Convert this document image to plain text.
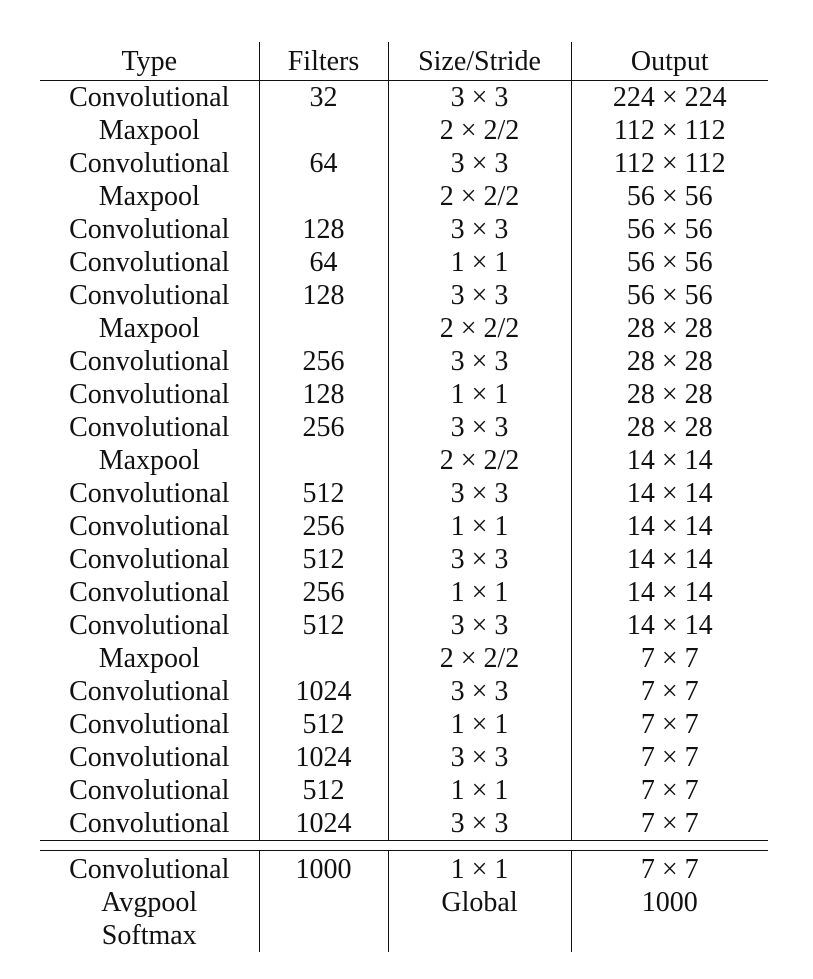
Type	Filters	Size/Stride	Output
Convolutional	32	3 × 3	224 × 224
Maxpool		2 × 2/2	112 × 112
Convolutional	64	3 × 3	112 × 112
Maxpool		2 × 2/2	56 × 56
Convolutional	128	3 × 3	56 × 56
Convolutional	64	1 × 1	56 × 56
Convolutional	128	3 × 3	56 × 56
Maxpool		2 × 2/2	28 × 28
Convolutional	256	3 × 3	28 × 28
Convolutional	128	1 × 1	28 × 28
Convolutional	256	3 × 3	28 × 28
Maxpool		2 × 2/2	14 × 14
Convolutional	512	3 × 3	14 × 14
Convolutional	256	1 × 1	14 × 14
Convolutional	512	3 × 3	14 × 14
Convolutional	256	1 × 1	14 × 14
Convolutional	512	3 × 3	14 × 14
Maxpool		2 × 2/2	7 × 7
Convolutional	1024	3 × 3	7 × 7
Convolutional	512	1 × 1	7 × 7
Convolutional	1024	3 × 3	7 × 7
Convolutional	512	1 × 1	7 × 7
Convolutional	1024	3 × 3	7 × 7

Convolutional	1000	1 × 1	7 × 7
Avgpool		Global	1000
Softmax			
